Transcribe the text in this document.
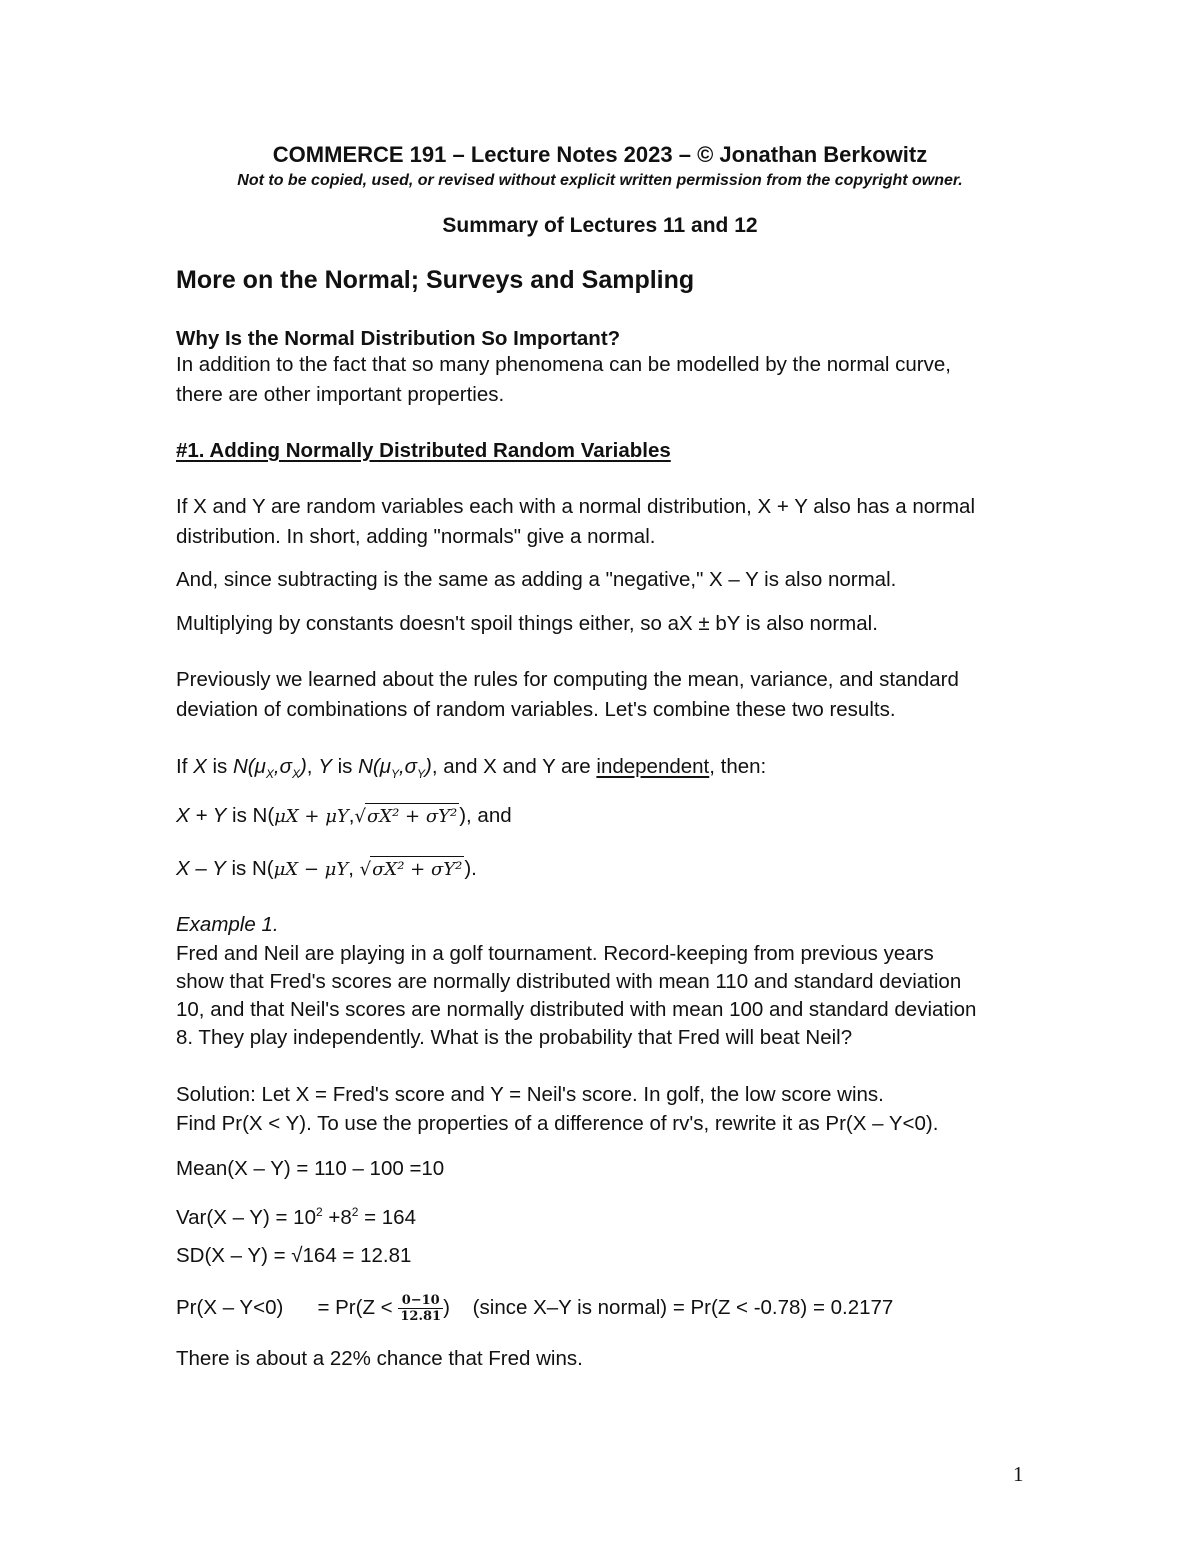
COMMERCE 191 – Lecture Notes 2023 – © Jonathan Berkowitz
Not to be copied, used, or revised without explicit written permission from the copyright owner.
Summary of Lectures 11 and 12
More on the Normal; Surveys and Sampling
Why Is the Normal Distribution So Important?
In addition to the fact that so many phenomena can be modelled by the normal curve,
there are other important properties.
#1. Adding Normally Distributed Random Variables
If X and Y are random variables each with a normal distribution, X + Y also has a normal
distribution. In short, adding "normals" give a normal.
And, since subtracting is the same as adding a "negative," X – Y is also normal.
Multiplying by constants doesn't spoil things either, so aX ± bY is also normal.
Previously we learned about the rules for computing the mean, variance, and standard
deviation of combinations of random variables. Let's combine these two results.
If X is $N(\mu_X,\sigma_X)$, Y is $N(\mu_Y,\sigma_Y)$, and X and Y are independent, then:
X + Y is N(μX + μY,√σX² + σY²), and
X – Y is N(μX − μY, √σX² + σY²).
Example 1.
Fred and Neil are playing in a golf tournament. Record-keeping from previous years
show that Fred's scores are normally distributed with mean 110 and standard deviation
10, and that Neil's scores are normally distributed with mean 100 and standard deviation
8. They play independently. What is the probability that Fred will beat Neil?
Solution: Let X = Fred's score and Y = Neil's score. In golf, the low score wins.
Find Pr(X < Y). To use the properties of a difference of rv's, rewrite it as Pr(X – Y<0).
Mean(X – Y) = 110 – 100 =10
$Var(X - Y) = 10^2 +8^2 = 164$
SD(X – Y) = √164 = 12.81
Pr(X – Y<0)      = $Pr(Z < \frac{0-10}{12.81}$ )    (since X–Y is normal) = Pr(Z < -0.78) = 0.2177
There is about a 22% chance that Fred wins.
1
